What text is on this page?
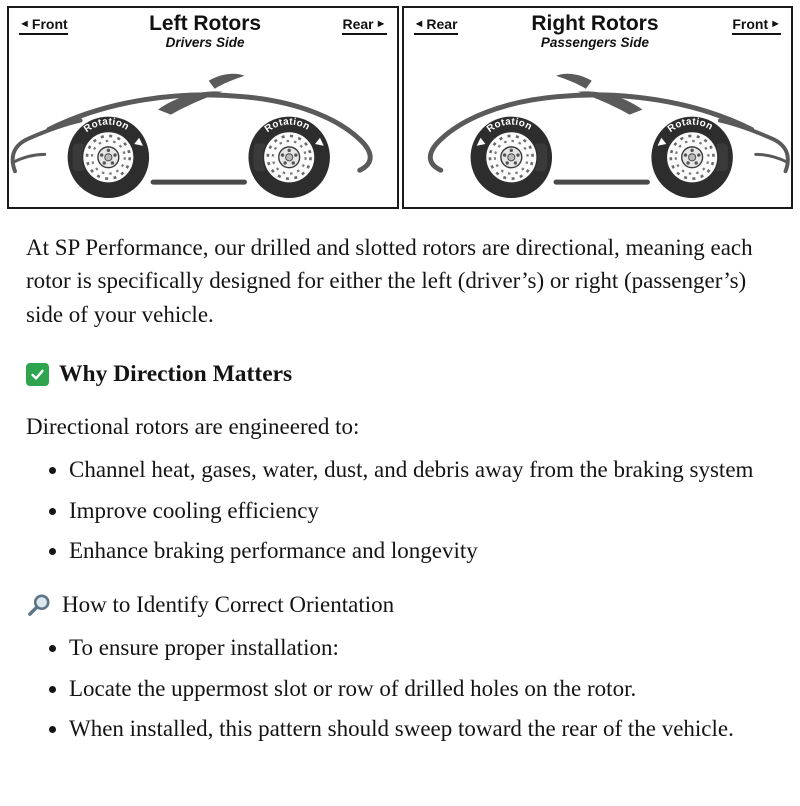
◄ Front	Left Rotors
Drivers Side
Rear ►
Rotation	Rotation
◄ Rear	Right Rotors
Passengers Side
Front ►
Rotation	Rotation

At SP Performance, our drilled and slotted rotors are directional, meaning each rotor is specifically designed for either the left (driver’s) or right (passenger’s) side of your vehicle.

Why Direction Matters

Directional rotors are engineered to:

• Channel heat, gases, water, dust, and debris away from the braking system
• Improve cooling efficiency
• Enhance braking performance and longevity
How to Identify Correct Orientation
• To ensure proper installation:
• Locate the uppermost slot or row of drilled holes on the rotor.
• When installed, this pattern should sweep toward the rear of the vehicle.
